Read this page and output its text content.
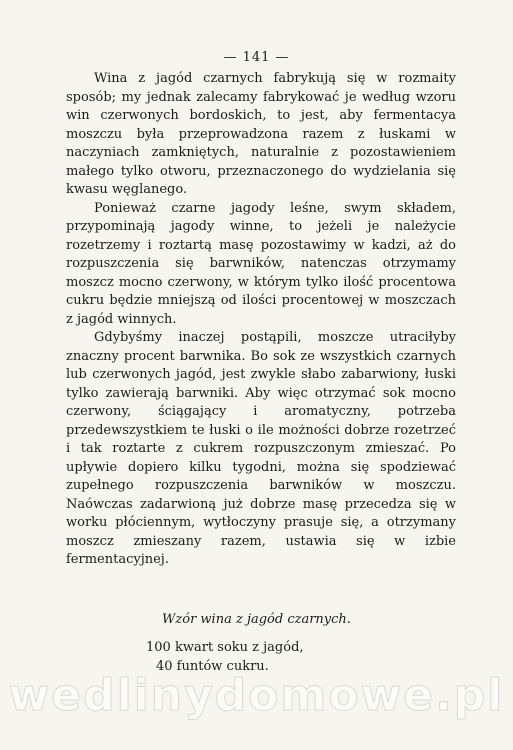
— 141 —

Wina z jagód czarnych fabrykują się w rozmaity sposób; my jednak zalecamy fabrykować je według wzoru win czerwonych bordoskich, to jest, aby fermentacya moszczu była przeprowadzona razem z łuskami w naczyniach zamkniętych, naturalnie z pozostawieniem małego tylko otworu, przeznaczonego do wydzielania się kwasu węglanego.

Ponieważ czarne jagody leśne, swym składem, przypominają jagody winne, to jeżeli je należycie rozetrzemy i roztartą masę pozostawimy w kadzi, aż do rozpuszczenia się barwników, natenczas otrzymamy moszcz mocno czerwony, w którym tylko ilość procentowa cukru będzie mniejszą od ilości procentowej w moszczach z jagód winnych.

Gdybyśmy inaczej postąpili, moszcze utraciłyby znaczny procent barwnika. Bo sok ze wszystkich czarnych lub czerwonych jagód, jest zwykle słabo zabarwiony, łuski tylko zawierają barwniki. Aby więc otrzymać sok mocno czerwony, ściągający i aromatyczny, potrzeba przedewszystkiem te łuski o ile możności dobrze rozetrzeć i tak roztarte z cukrem rozpuszczonym zmieszać. Po upływie dopiero kilku tygodni, można się spodziewać zupełnego rozpuszczenia barwników w moszczu. Naówczas zadarwioną już dobrze masę przecedza się w worku płóciennym, wytłoczyny prasuje się, a otrzymany moszcz zmieszany razem, ustawia się w izbie fermentacyjnej.

Wzór wina z jagód czarnych.
100 kwart soku z jagód,
40 funtów cukru.
wedlinydomowe.pl
